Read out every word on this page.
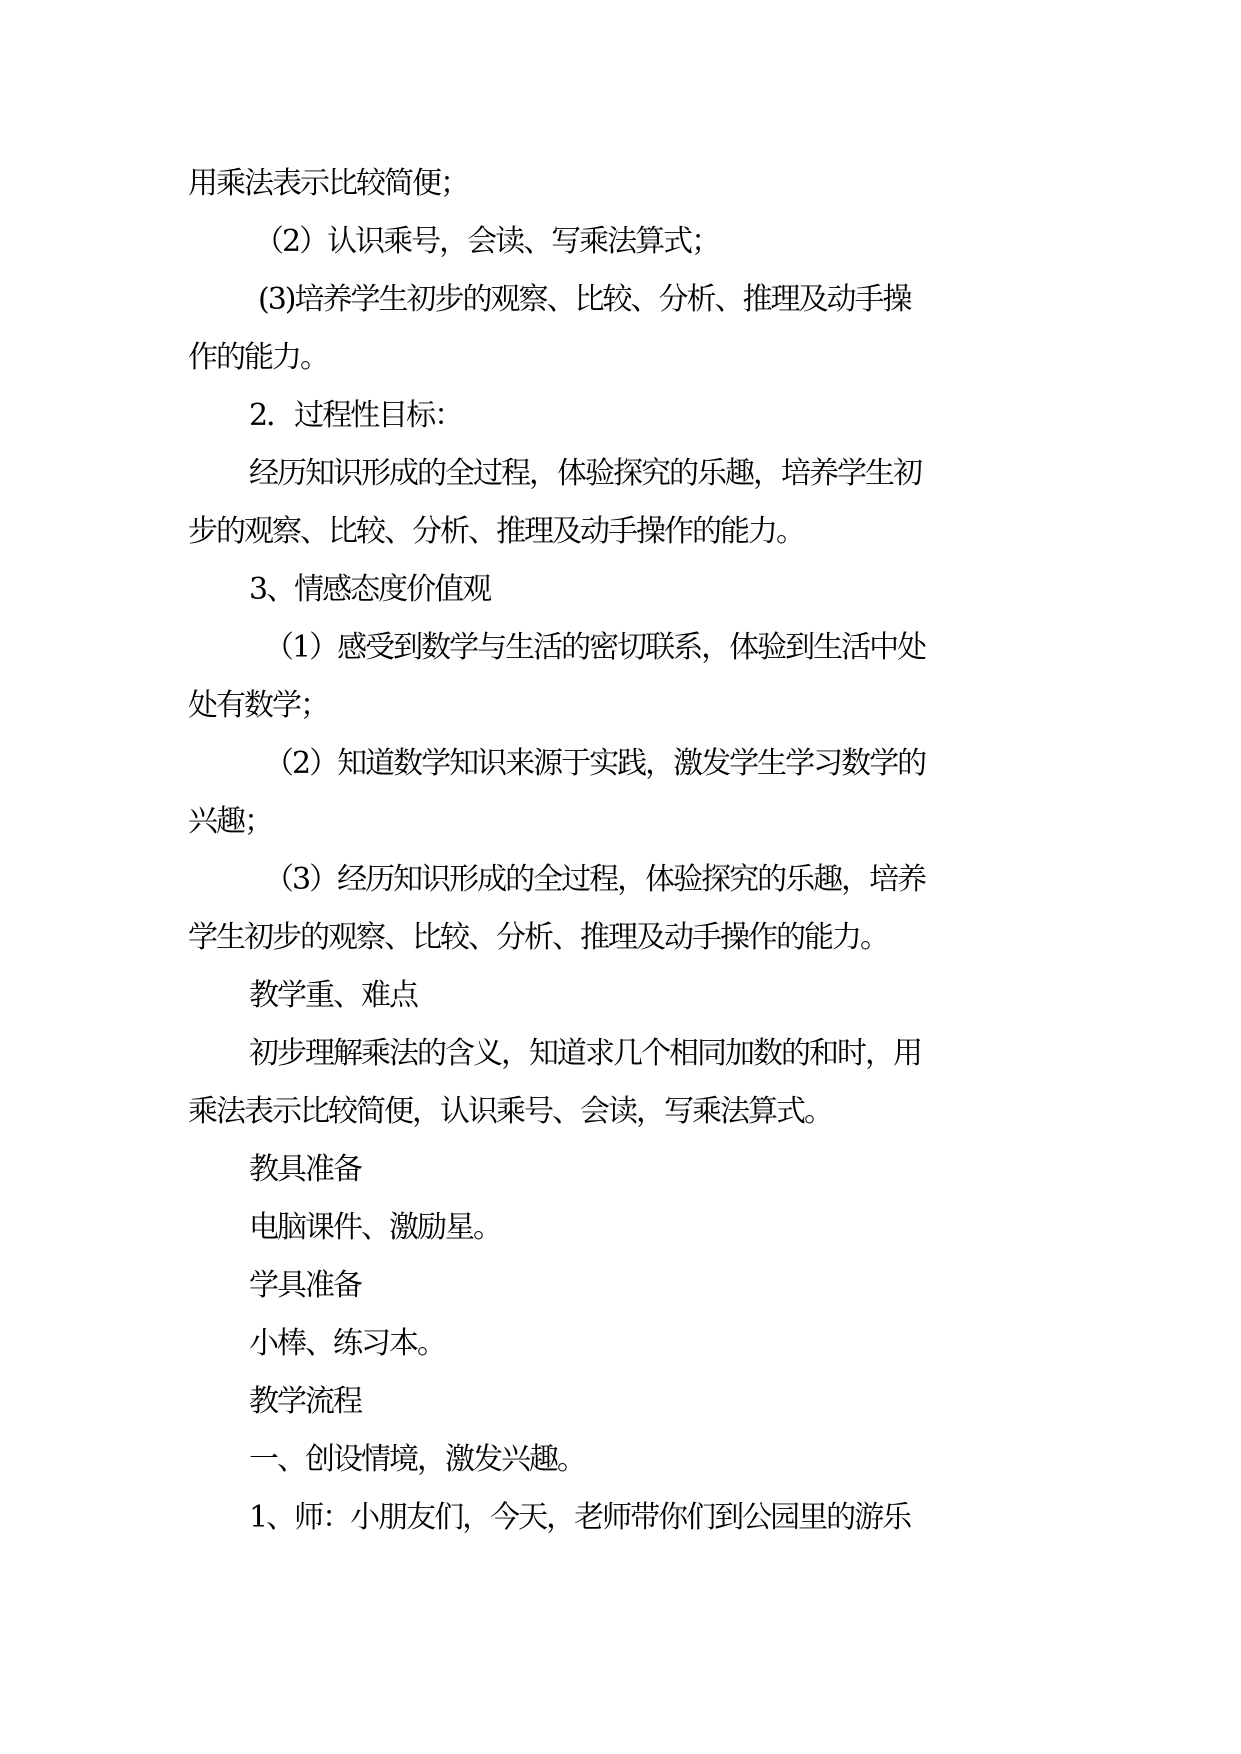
用乘法表示比较简便；
（2）认识乘号，会读、写乘法算式；
(3)培养学生初步的观察、比较、分析、推理及动手操
作的能力。
2．过程性目标：
经历知识形成的全过程，体验探究的乐趣，培养学生初
步的观察、比较、分析、推理及动手操作的能力。
3、情感态度价值观
（1）感受到数学与生活的密切联系，体验到生活中处
处有数学；
（2）知道数学知识来源于实践，激发学生学习数学的
兴趣；
（3）经历知识形成的全过程，体验探究的乐趣，培养
学生初步的观察、比较、分析、推理及动手操作的能力。
教学重、难点
初步理解乘法的含义，知道求几个相同加数的和时，用
乘法表示比较简便，认识乘号、会读，写乘法算式。
教具准备
电脑课件、激励星。
学具准备
小棒、练习本。
教学流程
一、创设情境，激发兴趣。
1、师：小朋友们，今天，老师带你们到公园里的游乐
